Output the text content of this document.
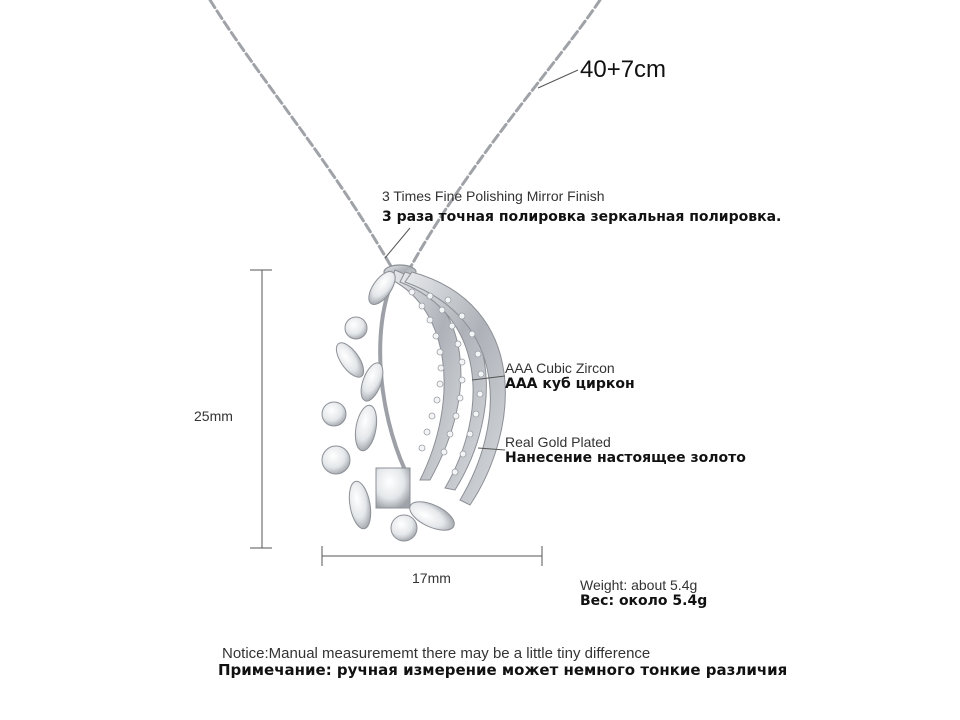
40+7cm
3 Times Fine Polishing Mirror Finish
3 раза точная полировка зеркальная полировка.
AAA Cubic Zircon
AAA куб циркон
Real Gold Plated
Нанесение настоящее золото
25mm
17mm	Weight: about 5.4g
Вес: около 5.4g
Notice:Manual measurememt there may be a little tiny difference
Примечание: ручная измерение может немного тонкие различия
